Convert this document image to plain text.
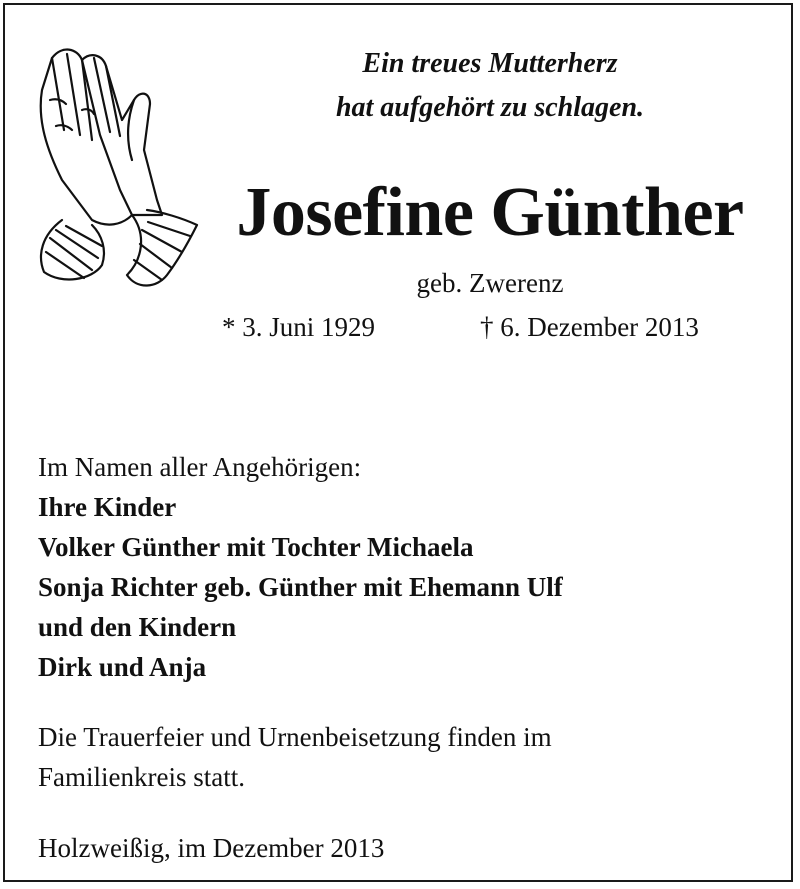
Ein treues Mutterherz
hat aufgehört zu schlagen.
Josefine Günther
geb. Zwerenz
* 3. Juni 1929	† 6. Dezember 2013
Im Namen aller Angehörigen:
Ihre Kinder
Volker Günther mit Tochter Michaela
Sonja Richter geb. Günther mit Ehemann Ulf
und den Kindern
Dirk und Anja
Die Trauerfeier und Urnenbeisetzung finden im
Familienkreis statt.
Holzweißig, im Dezember 2013
